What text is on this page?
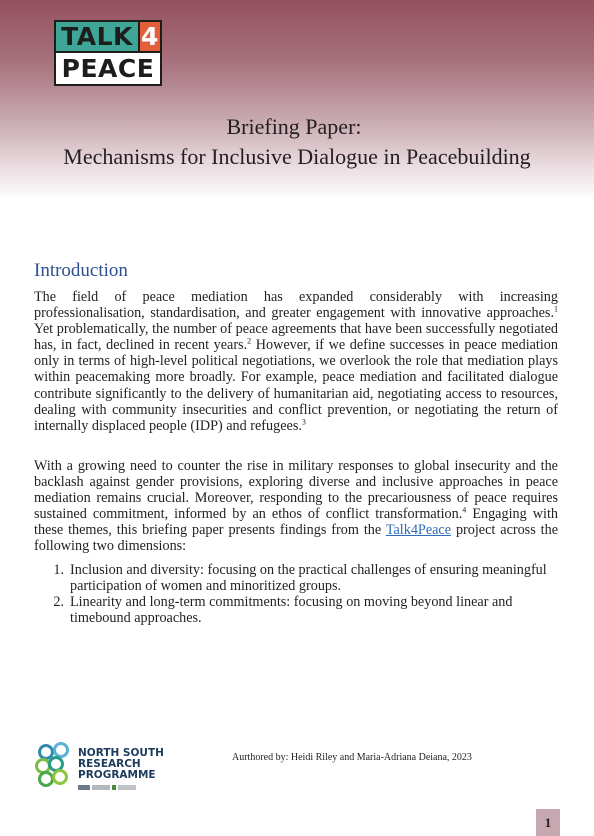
TALK 4
PEACE
Briefing Paper:
Mechanisms for Inclusive Dialogue in Peacebuilding
Introduction
The field of peace mediation has expanded considerably with increasing professionalisation, standardisation, and greater engagement with innovative approaches.$^1$ Yet problematically, the number of peace agreements that have been successfully negotiated has, in fact, declined in recent years.$^2$ However, if we define successes in peace mediation only in terms of high-level political negotiations, we overlook the role that mediation plays within peacemaking more broadly. For example, peace mediation and facilitated dialogue contribute significantly to the delivery of humanitarian aid, negotiating access to resources, dealing with community insecurities and conflict prevention, or negotiating the return of internally displaced people (IDP) and refugees.$^3$
With a growing need to counter the rise in military responses to global insecurity and the backlash against gender provisions, exploring diverse and inclusive approaches in peace mediation remains crucial. Moreover, responding to the precariousness of peace requires sustained commitment, informed by an ethos of conflict transformation.$^4$ Engaging with these themes, this briefing paper presents findings from the Talk4Peace project across the following two dimensions:
1. Inclusion and diversity: focusing on the practical challenges of ensuring meaningful participation of women and minoritized groups.
2. Linearity and long-term commitments: focusing on moving beyond linear and timebound approaches.
NORTH SOUTH
RESEARCH
PROGRAMME
Aurthored by: Heidi Riley and Maria-Adriana Deiana, 2023
1
